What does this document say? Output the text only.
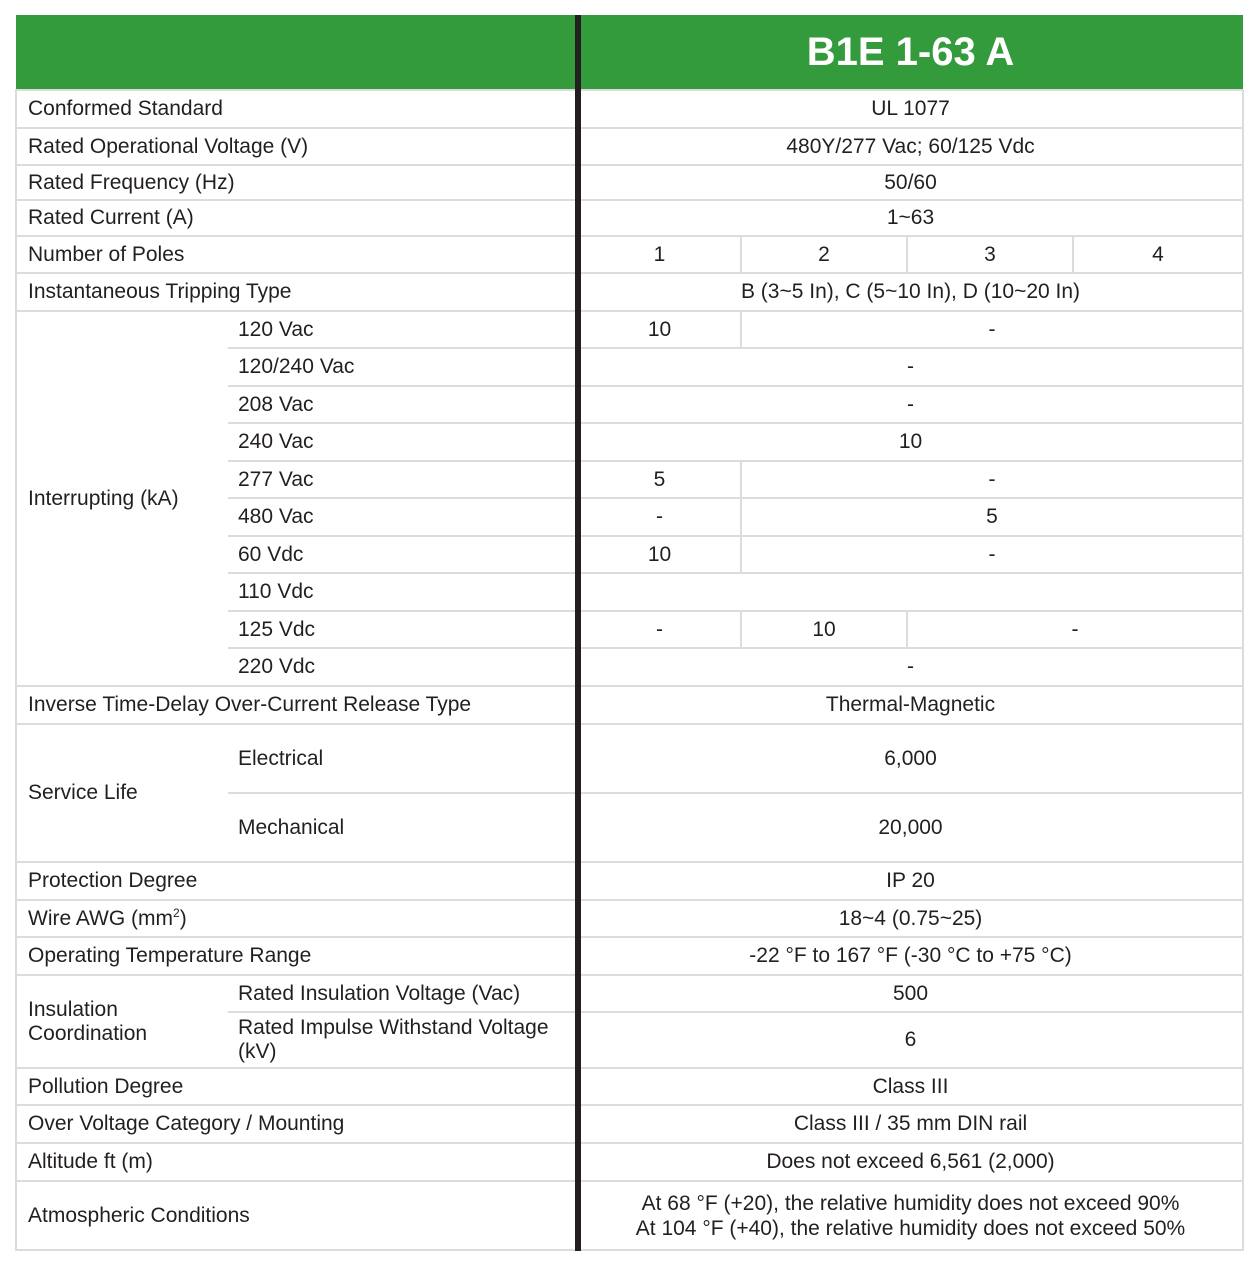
		B1E 1-63 A			
Conformed Standard		UL 1077			
Rated Operational Voltage (V)		480Y/277 Vac; 60/125 Vdc			
Rated Frequency (Hz)		50/60			
Rated Current (A)		1~63			
Number of Poles		1	2	3	4
Instantaneous Tripping Type		B (3~5 In), C (5~10 In), D (10~20 In)			
Interrupting (kA)	120 Vac	10	-		
	120/240 Vac	-			
	208 Vac	-			
	240 Vac	10			
	277 Vac	5	-		
	480 Vac	-	5		
	60 Vdc	10	-		
	110 Vdc				
	125 Vdc	-	10	-	
	220 Vdc	-			
Inverse Time-Delay Over-Current Release Type		Thermal-Magnetic			
Service Life	Electrical	6,000			
	Mechanical	20,000			
Protection Degree		IP 20			
Wire AWG $(mm^2)$		18~4 (0.75~25)			
Operating Temperature Range		-22 °F to 167 °F (-30 °C to +75 °C)			
Insulation Coordination	Rated Insulation Voltage (Vac)	500			
	Rated Impulse Withstand Voltage (kV)	6			
Pollution Degree		Class III			
Over Voltage Category / Mounting		Class III / 35 mm DIN rail			
Altitude ft (m)		Does not exceed 6,561 (2,000)			
Atmospheric Conditions		At 68 °F (+20), the relative humidity does not exceed 90%
At 104 °F (+40), the relative humidity does not exceed 50%			
